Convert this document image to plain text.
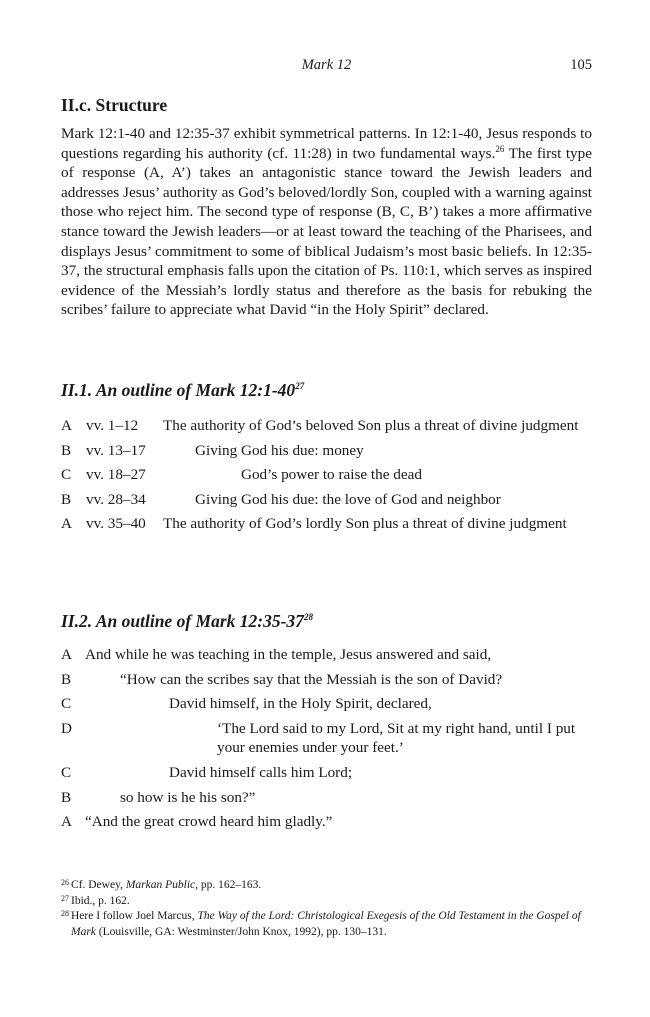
Mark 12	105
II.c. Structure

Mark 12:1-40 and 12:35-37 exhibit symmetrical patterns. In 12:1-40, Jesus responds to questions regarding his authority (cf. 11:28) in two fundamental ways.$^{26}$ The first type of response (A, A’) takes an antagonistic stance toward the Jewish leaders and addresses Jesus’ authority as God’s beloved/lordly Son, coupled with a warning against those who reject him. The second type of response (B, C, B’) takes a more affirmative stance toward the Jewish leaders—or at least toward the teaching of the Pharisees, and displays Jesus’ commitment to some of biblical Judaism’s most basic beliefs. In 12:35-37, the structural emphasis falls upon the citation of Ps. 110:1, which serves as inspired evidence of the Messiah’s lordly status and therefore as the basis for rebuking the scribes’ failure to appreciate what David “in the Holy Spirit” declared.

II.1. An outline of Mark $12:1-40^{27}$
A vv. 1–12 The authority of God’s beloved Son plus a threat of divine judgment
B vv. 13–17	Giving God his due: money
C vv. 18–27	God’s power to raise the dead
B vv. 28–34	Giving God his due: the love of God and neighbor
A vv. 35–40 The authority of God’s lordly Son plus a threat of divine judgment
II.2. An outline of Mark $12:35-37^{28}$
A And while he was teaching in the temple, Jesus answered and said,
B	“How can the scribes say that the Messiah is the son of David?
C	David himself, in the Holy Spirit, declared,
D	‘The Lord said to my Lord, Sit at my right hand, until I put your enemies under your feet.’
C	David himself calls him Lord;
B	so how is he his son?”
A “And the great crowd heard him gladly.”
26 Cf. Dewey, Markan Public, pp. 162–163.
27 Ibid., p. 162.
28 Here I follow Joel Marcus, The Way of the Lord: Christological Exegesis of the Old Testament in the Gospel of Mark (Louisville, GA: Westminster/John Knox, 1992), pp. 130–131.
